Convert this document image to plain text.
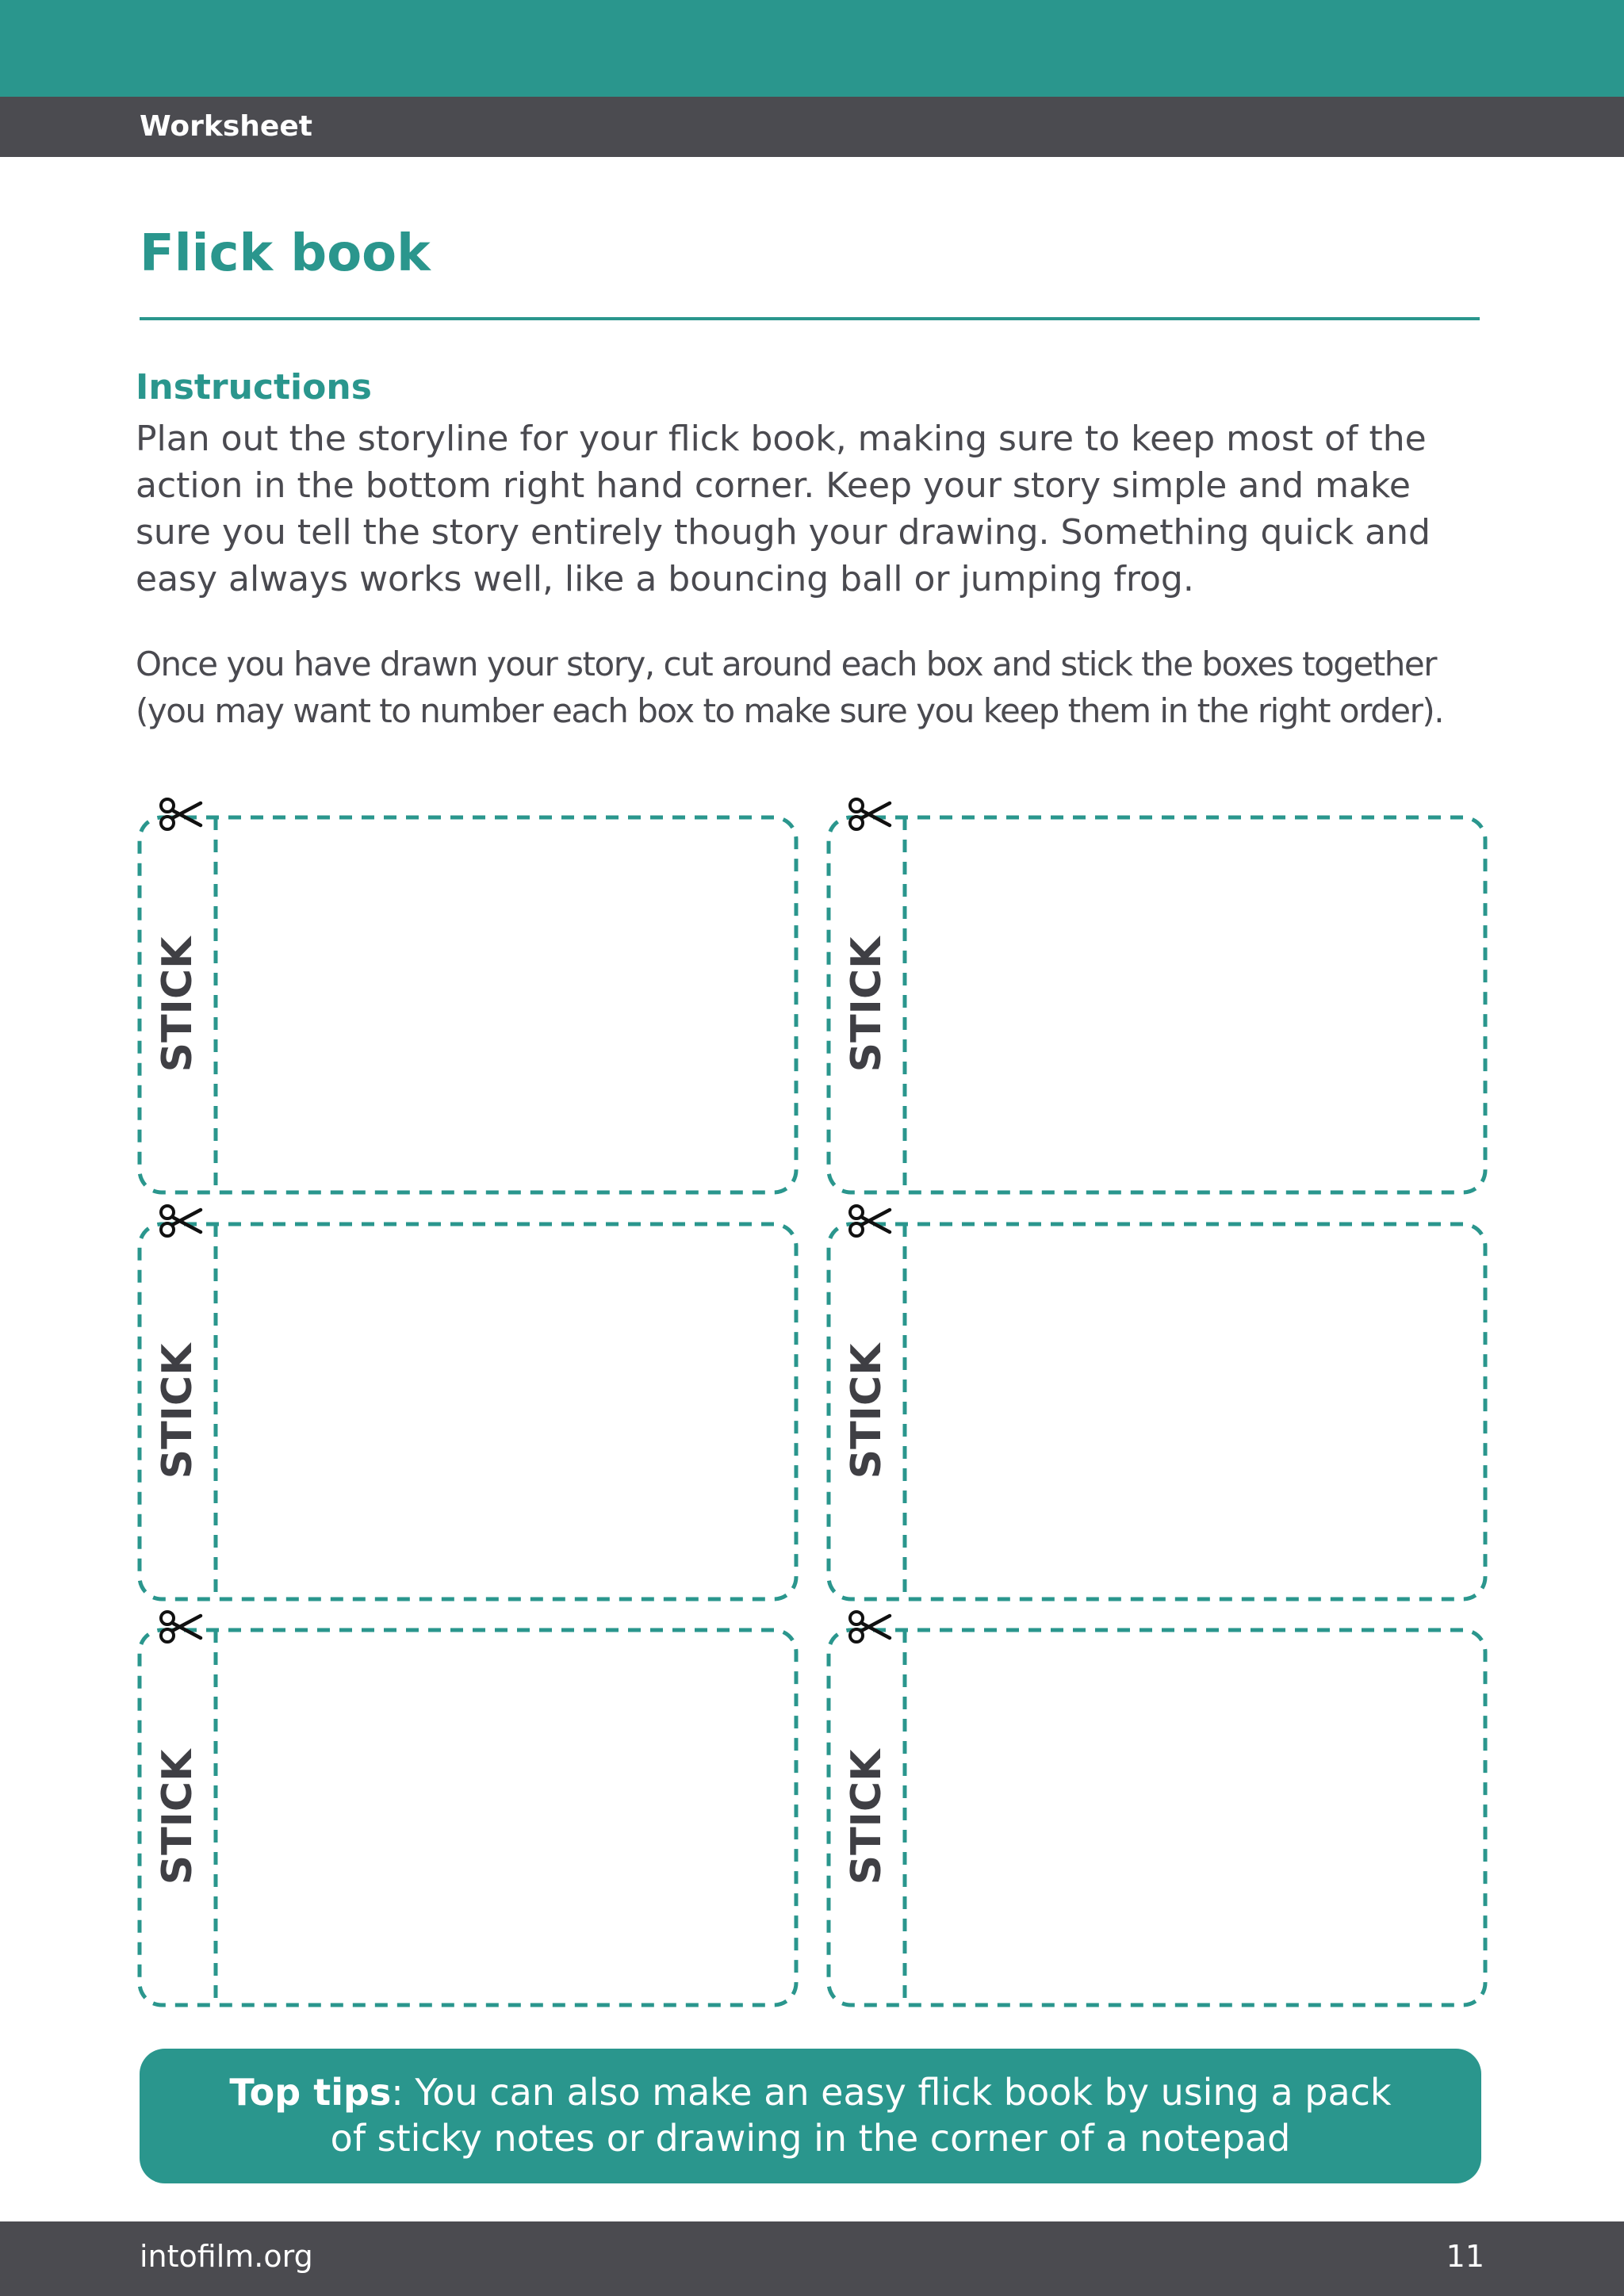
Worksheet
Flick book
Instructions

Plan out the storyline for your flick book, making sure to keep most of the

action in the bottom right hand corner. Keep your story simple and make

sure you tell the story entirely though your drawing. Something quick and

easy always works well, like a bouncing ball or jumping frog.

Once you have drawn your story, cut around each box and stick the boxes together

(you may want to number each box to make sure you keep them in the right order).

STICK	STICK
STICK	STICK
STICK	STICK

Top tips: You can also make an easy flick book by using a pack

of sticky notes or drawing in the corner of a notepad

intofilm.org	11
